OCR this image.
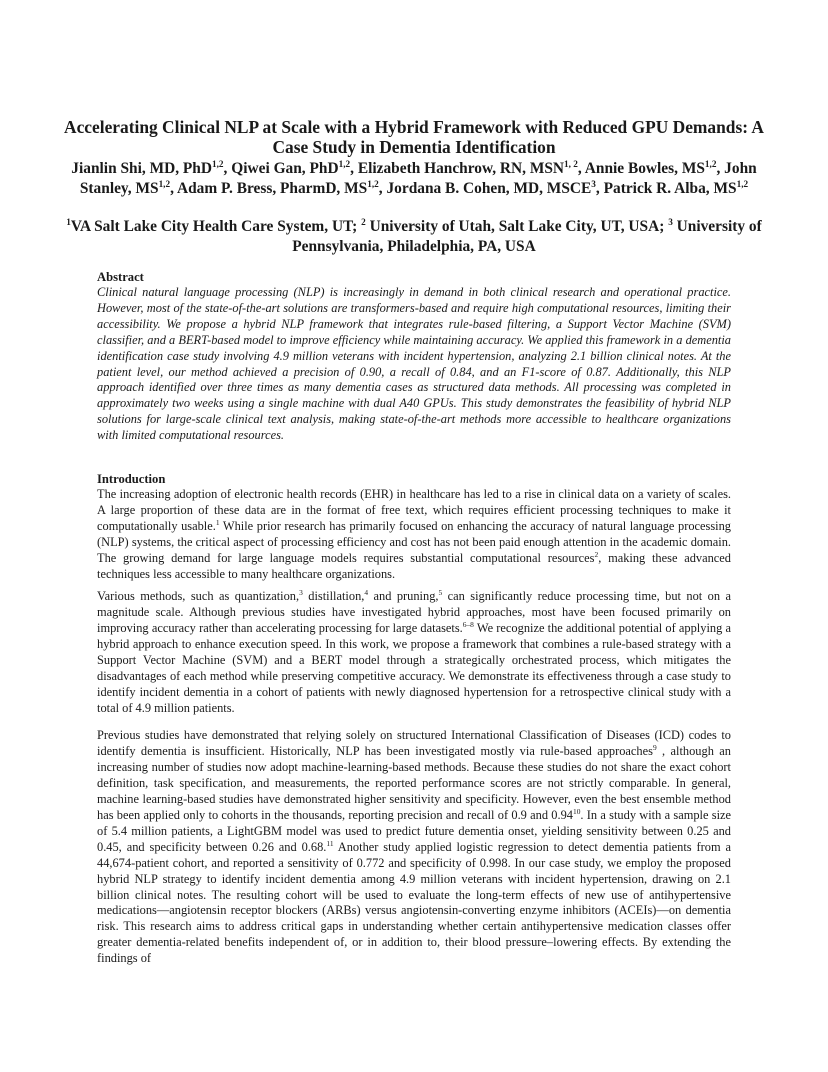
Accelerating Clinical NLP at Scale with a Hybrid Framework with Reduced GPU Demands: A Case Study in Dementia Identification
Jianlin Shi, MD, PhD$^{1,2}$, Qiwei Gan, PhD$^{1,2}$, Elizabeth Hanchrow, RN, MSN$^{1, 2}$, Annie Bowles, MS$^{1,2}$, John Stanley, MS$^{1,2}$, Adam P. Bress, PharmD, MS$^{1,2}$, Jordana B. Cohen, MD, MSCE$^3$, Patrick R. Alba, MS$^{1,2}$
$^1$VA Salt Lake City Health Care System, UT; $^2$ University of Utah, Salt Lake City, UT, USA; $^3$ University of Pennsylvania, Philadelphia, PA, USA
Abstract

Clinical natural language processing (NLP) is increasingly in demand in both clinical research and operational practice. However, most of the state-of-the-art solutions are transformers-based and require high computational resources, limiting their accessibility. We propose a hybrid NLP framework that integrates rule-based filtering, a Support Vector Machine (SVM) classifier, and a BERT-based model to improve efficiency while maintaining accuracy. We applied this framework in a dementia identification case study involving 4.9 million veterans with incident hypertension, analyzing 2.1 billion clinical notes. At the patient level, our method achieved a precision of 0.90, a recall of 0.84, and an F1-score of 0.87. Additionally, this NLP approach identified over three times as many dementia cases as structured data methods. All processing was completed in approximately two weeks using a single machine with dual A40 GPUs. This study demonstrates the feasibility of hybrid NLP solutions for large-scale clinical text analysis, making state-of-the-art methods more accessible to healthcare organizations with limited computational resources.

Introduction

The increasing adoption of electronic health records (EHR) in healthcare has led to a rise in clinical data on a variety of scales. A large proportion of these data are in the format of free text, which requires efficient processing techniques to make it computationally usable.$^1$ While prior research has primarily focused on enhancing the accuracy of natural language processing (NLP) systems, the critical aspect of processing efficiency and cost has not been paid enough attention in the academic domain. The growing demand for large language models requires substantial computational resources$^2$, making these advanced techniques less accessible to many healthcare organizations.

Various methods, such as quantization,$^3$ distillation,$^4$ and pruning,$^5$ can significantly reduce processing time, but not on a magnitude scale. Although previous studies have investigated hybrid approaches, most have been focused primarily on improving accuracy rather than accelerating processing for large datasets.$^{6-8}$ We recognize the additional potential of applying a hybrid approach to enhance execution speed. In this work, we propose a framework that combines a rule-based strategy with a Support Vector Machine (SVM) and a BERT model through a strategically orchestrated process, which mitigates the disadvantages of each method while preserving competitive accuracy. We demonstrate its effectiveness through a case study to identify incident dementia in a cohort of patients with newly diagnosed hypertension for a retrospective clinical study with a total of 4.9 million patients.

Previous studies have demonstrated that relying solely on structured International Classification of Diseases (ICD) codes to identify dementia is insufficient. Historically, NLP has been investigated mostly via rule-based approaches$^9$ , although an increasing number of studies now adopt machine-learning-based methods. Because these studies do not share the exact cohort definition, task specification, and measurements, the reported performance scores are not strictly comparable. In general, machine learning-based studies have demonstrated higher sensitivity and specificity. However, even the best ensemble method has been applied only to cohorts in the thousands, reporting precision and recall of 0.9 and 0.94$^{10}$. In a study with a sample size of 5.4 million patients, a LightGBM model was used to predict future dementia onset, yielding sensitivity between 0.25 and 0.45, and specificity between 0.26 and 0.68.11 Another study applied logistic regression to detect dementia patients from a 44,674-patient cohort, and reported a sensitivity of 0.772 and specificity of 0.998. In our case study, we employ the proposed hybrid NLP strategy to identify incident dementia among 4.9 million veterans with incident hypertension, drawing on 2.1 billion clinical notes. The resulting cohort will be used to evaluate the long-term effects of new use of antihypertensive medications—angiotensin receptor blockers (ARBs) versus angiotensin-converting enzyme inhibitors (ACEIs)—on dementia risk. This research aims to address critical gaps in understanding whether certain antihypertensive medication classes offer greater dementia-related benefits independent of, or in addition to, their blood pressure–lowering effects. By extending the findings of
